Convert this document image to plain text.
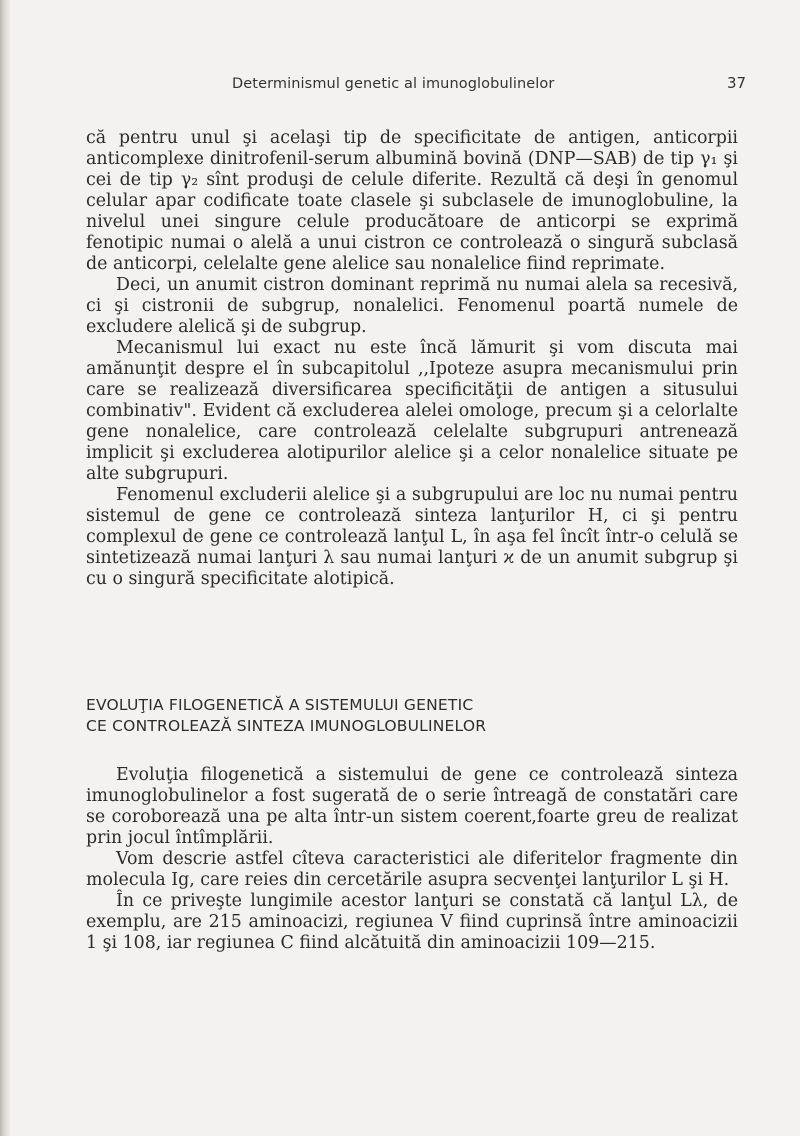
Determinismul genetic al imunoglobulinelor	37

că pentru unul şi acelaşi tip de specificitate de antigen, anticorpii anticomplexe dinitrofenil-serum albumină bovină (DNP—SAB) de tip γ₁ şi cei de tip γ₂ sînt produşi de celule diferite. Rezultă că deşi în genomul celular apar codificate toate clasele şi subclasele de imunoglobuline, la nivelul unei singure celule producătoare de anticorpi se exprimă fenotipic numai o alelă a unui cistron ce controlează o singură subclasă de anticorpi, celelalte gene alelice sau nonalelice fiind reprimate.

Deci, un anumit cistron dominant reprimă nu numai alela sa recesivă, ci şi cistronii de subgrup, nonalelici. Fenomenul poartă numele de excludere alelică şi de subgrup.

Mecanismul lui exact nu este încă lămurit şi vom discuta mai amănunţit despre el în subcapitolul ,,Ipoteze asupra mecanismului prin care se realizează diversificarea specificităţii de antigen a situsului combinativ". Evident că excluderea alelei omologe, precum şi a celorlalte gene nonalelice, care controlează celelalte subgrupuri antrenează implicit şi excluderea alotipurilor alelice şi a celor nonalelice situate pe alte subgrupuri.

Fenomenul excluderii alelice şi a subgrupului are loc nu numai pentru sistemul de gene ce controlează sinteza lanţurilor H, ci şi pentru complexul de gene ce controlează lanţul L, în aşa fel încît într-o celulă se sintetizează numai lanţuri λ sau numai lanţuri ϰ de un anumit subgrup şi cu o singură specificitate alotipică.

EVOLUŢIA FILOGENETICĂ A SISTEMULUI GENETIC
CE CONTROLEAZĂ SINTEZA IMUNOGLOBULINELOR

Evoluţia filogenetică a sistemului de gene ce controlează sinteza imunoglobulinelor a fost sugerată de o serie întreagă de constatări care se coroborează una pe alta într-un sistem coerent,foarte greu de realizat prin jocul întîmplării.

Vom descrie astfel cîteva caracteristici ale diferitelor fragmente din molecula Ig, care reies din cercetările asupra secvenţei lanţurilor L şi H.

În ce priveşte lungimile acestor lanţuri se constată că lanţul Lλ, de exemplu, are 215 aminoacizi, regiunea V fiind cuprinsă între aminoacizii 1 şi 108, iar regiunea C fiind alcătuită din aminoacizii 109—215.
